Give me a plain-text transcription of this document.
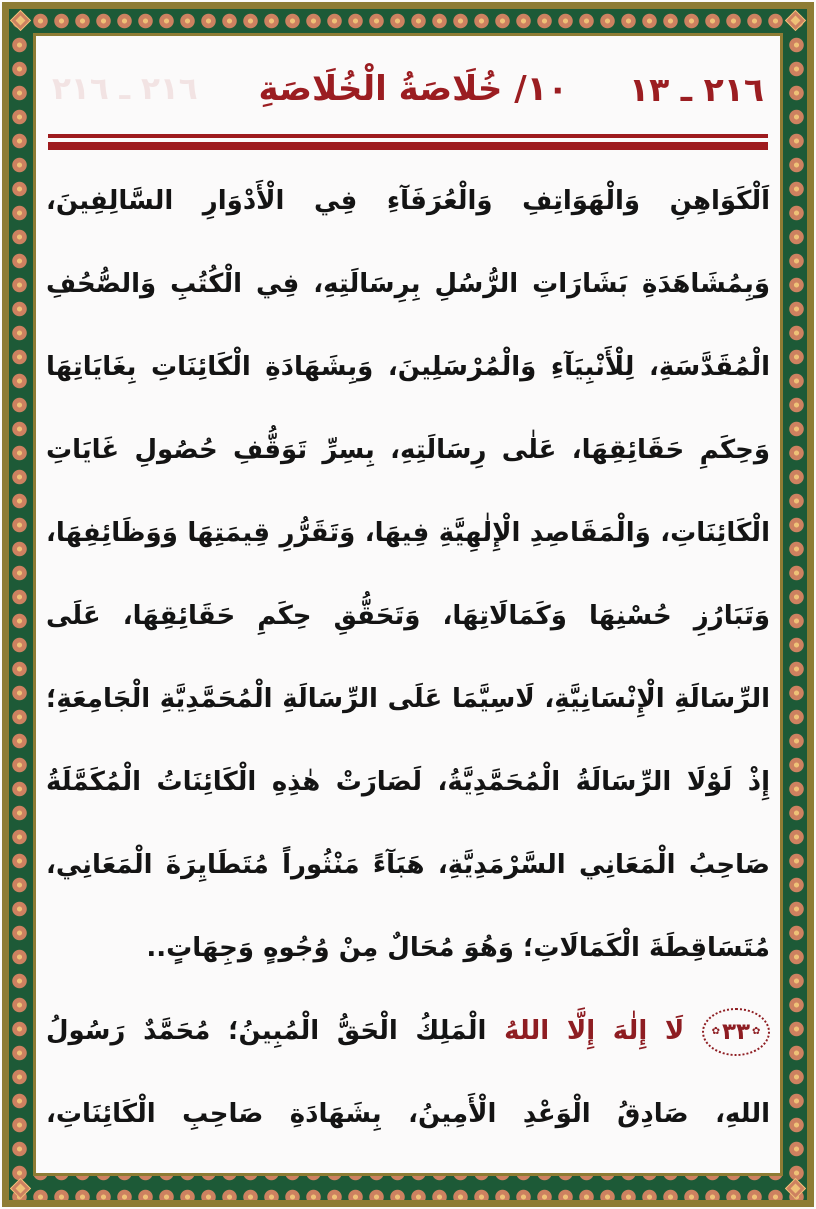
٢١٦ ـ ١٣
١٠/ خُلَاصَةُ الْخُلَاصَةِ
٢١٦ ـ ٢١٦
اَلْكَوَاهِنِ وَالْهَوَاتِفِ وَالْعُرَفَآءِ فِي الْأَدْوَارِ السَّالِفِينَ،
وَبِمُشَاهَدَةِ بَشَارَاتِ الرُّسُلِ بِرِسَالَتِهِ، فِي الْكُتُبِ وَالصُّحُفِ
الْمُقَدَّسَةِ، لِلْأَنْبِيَآءِ وَالْمُرْسَلِينَ، وَبِشَهَادَةِ الْكَائِنَاتِ بِغَايَاتِهَا
وَحِكَمِ حَقَائِقِهَا، عَلٰى رِسَالَتِهِ، بِسِرِّ تَوَقُّفِ حُصُولِ غَايَاتِ
الْكَائِنَاتِ، وَالْمَقَاصِدِ الْإِلٰهِيَّةِ فِيهَا، وَتَقَرُّرِ قِيمَتِهَا وَوَظَائِفِهَا،
وَتَبَارُزِ حُسْنِهَا وَكَمَالَاتِهَا، وَتَحَقُّقِ حِكَمِ حَقَائِقِهَا، عَلَى
الرِّسَالَةِ الْإِنْسَانِيَّةِ، لَاسِيَّمَا عَلَى الرِّسَالَةِ الْمُحَمَّدِيَّةِ الْجَامِعَةِ؛
إِذْ لَوْلَا الرِّسَالَةُ الْمُحَمَّدِيَّةُ، لَصَارَتْ هٰذِهِ الْكَائِنَاتُ الْمُكَمَّلَةُ
صَاحِبُ الْمَعَانِي السَّرْمَدِيَّةِ، هَبَآءً مَنْثُوراً مُتَطَايِرَةَ الْمَعَانِي،
مُتَسَاقِطَةَ الْكَمَالَاتِ؛ وَهُوَ مُحَالٌ مِنْ وُجُوهٍ وَجِهَاتٍ..
✿
٣٣
✿
لَا إِلٰهَ إِلَّا اللهُ الْمَلِكُ الْحَقُّ الْمُبِينُ؛ مُحَمَّدٌ رَسُولُ
اللهِ، صَادِقُ الْوَعْدِ الْأَمِينُ، بِشَهَادَةِ صَاحِبِ الْكَائِنَاتِ،
